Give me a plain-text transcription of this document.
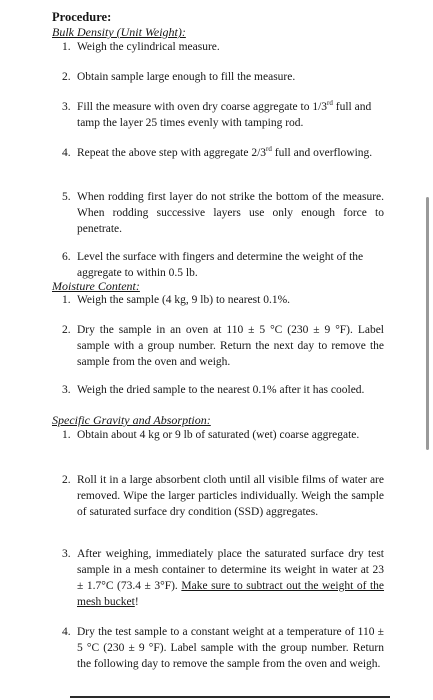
Procedure:
Bulk Density (Unit Weight):
1. Weigh the cylindrical measure.
2. Obtain sample large enough to fill the measure.
3. Fill the measure with oven dry coarse aggregate to 1/3rd full and tamp the layer 25 times evenly with tamping rod.
4. Repeat the above step with aggregate 2/3rd full and overflowing.
5. When rodding first layer do not strike the bottom of the measure. When rodding successive layers use only enough force to penetrate.
6. Level the surface with fingers and determine the weight of the aggregate to within 0.5 lb.
Moisture Content:
1. Weigh the sample (4 kg, 9 lb) to nearest 0.1%.
2. Dry the sample in an oven at 110 ± 5 °C (230 ± 9 °F). Label sample with a group number. Return the next day to remove the sample from the oven and weigh.
3. Weigh the dried sample to the nearest 0.1% after it has cooled.
Specific Gravity and Absorption:
1. Obtain about 4 kg or 9 lb of saturated (wet) coarse aggregate.
2. Roll it in a large absorbent cloth until all visible films of water are removed. Wipe the larger particles individually. Weigh the sample of saturated surface dry condition (SSD) aggregates.
3. After weighing, immediately place the saturated surface dry test sample in a mesh container to determine its weight in water at 23 ± 1.7°C (73.4 ± 3°F). Make sure to subtract out the weight of the mesh bucket!
4. Dry the test sample to a constant weight at a temperature of 110 ± 5 °C (230 ± 9 °F). Label sample with the group number. Return the following day to remove the sample from the oven and weigh.
